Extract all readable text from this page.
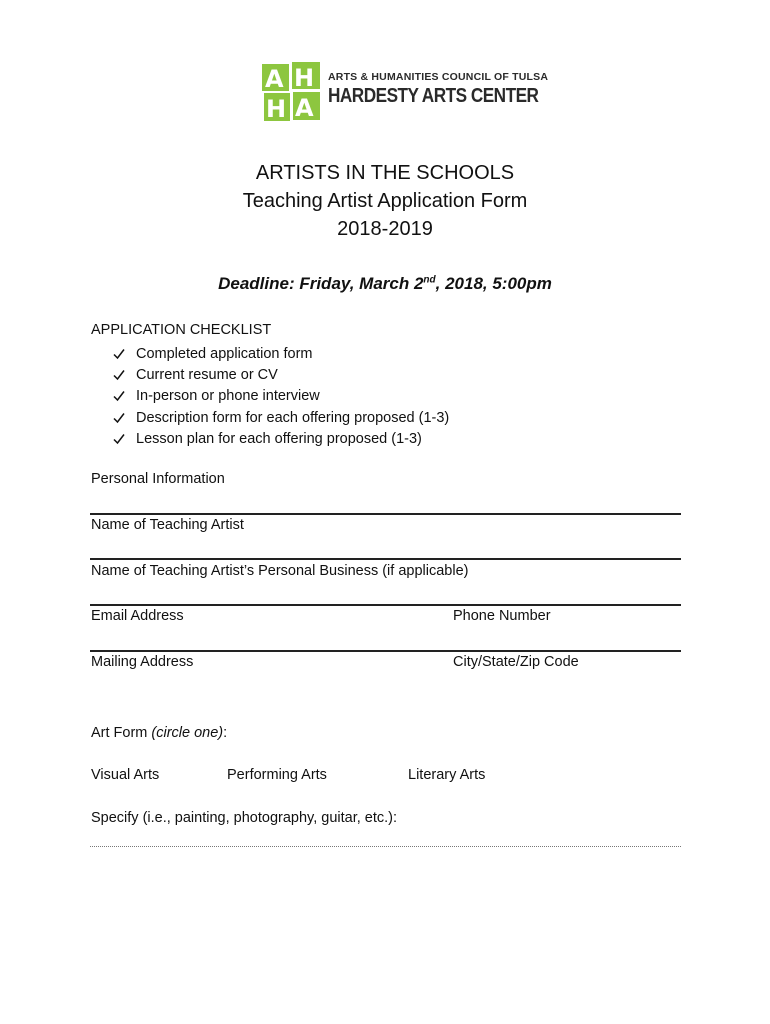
A H
H A
ARTS & HUMANITIES COUNCIL OF TULSA
HARDESTY ARTS CENTER
ARTISTS IN THE SCHOOLS
Teaching Artist Application Form
2018-2019
Deadline: Friday, March 2nd, 2018, 5:00pm
APPLICATION CHECKLIST
Completed application form
Current resume or CV
In-person or phone interview
Description form for each offering proposed (1-3)
Lesson plan for each offering proposed (1-3)
Personal Information
Name of Teaching Artist
Name of Teaching Artist’s Personal Business (if applicable)
Email Address	Phone Number
Mailing Address	City/State/Zip Code
Art Form (circle one):
Visual Arts	Performing Arts	Literary Arts
Specify (i.e., painting, photography, guitar, etc.):
